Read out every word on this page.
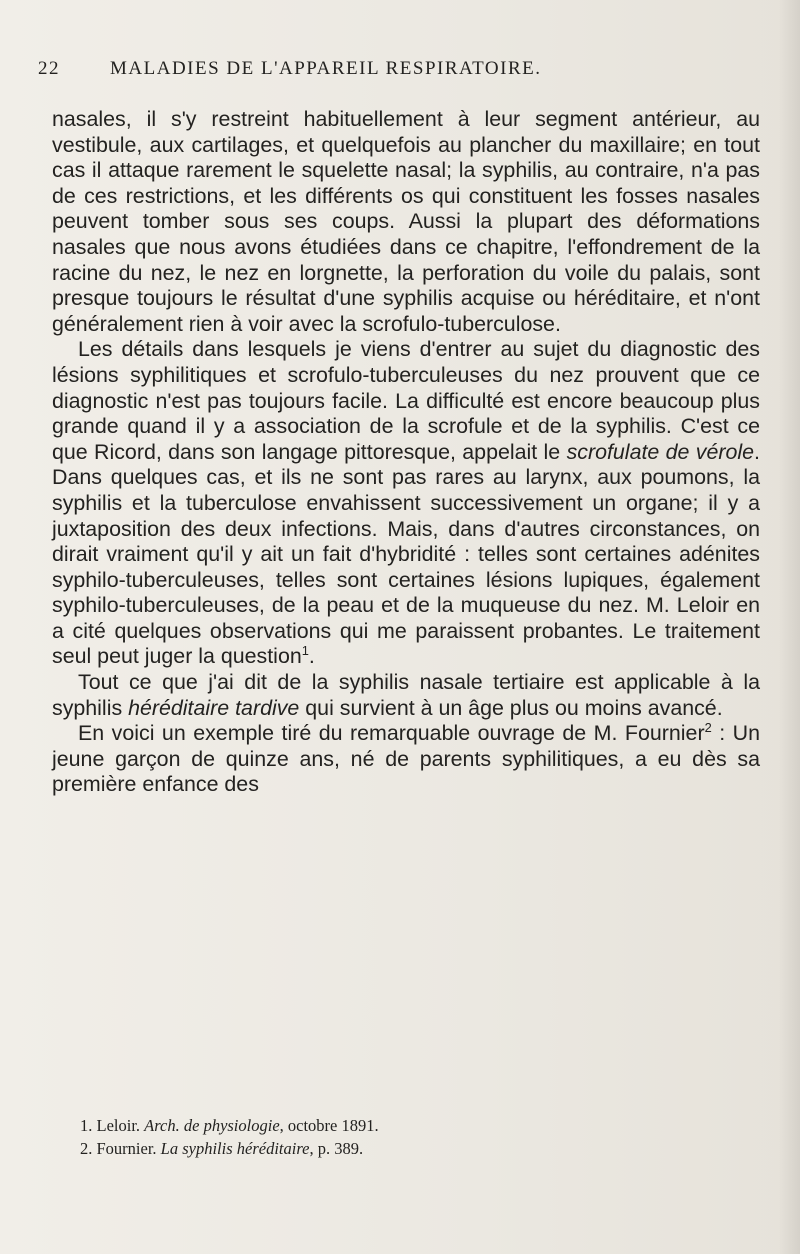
22	MALADIES DE L'APPAREIL RESPIRATOIRE.

nasales, il s'y restreint habituellement à leur segment antérieur, au vestibule, aux cartilages, et quelquefois au plancher du maxillaire; en tout cas il attaque rarement le squelette nasal; la syphilis, au contraire, n'a pas de ces restrictions, et les différents os qui constituent les fosses nasales peuvent tomber sous ses coups. Aussi la plupart des déformations nasales que nous avons étudiées dans ce chapitre, l'effondrement de la racine du nez, le nez en lorgnette, la perforation du voile du palais, sont presque toujours le résultat d'une syphilis acquise ou héréditaire, et n'ont généralement rien à voir avec la scrofulo-tuberculose.

Les détails dans lesquels je viens d'entrer au sujet du diagnostic des lésions syphilitiques et scrofulo-tuberculeuses du nez prouvent que ce diagnostic n'est pas toujours facile. La difficulté est encore beaucoup plus grande quand il y a association de la scrofule et de la syphilis. C'est ce que Ricord, dans son langage pittoresque, appelait le scrofulate de vérole. Dans quelques cas, et ils ne sont pas rares au larynx, aux poumons, la syphilis et la tuberculose envahissent successivement un organe; il y a juxtaposition des deux infections. Mais, dans d'autres circonstances, on dirait vraiment qu'il y ait un fait d'hybridité : telles sont certaines adénites syphilo-tuberculeuses, telles sont certaines lésions lupiques, également syphilo-tuberculeuses, de la peau et de la muqueuse du nez. M. Leloir en a cité quelques observations qui me paraissent probantes. Le traitement seul peut juger la question$^1$.

Tout ce que j'ai dit de la syphilis nasale tertiaire est applicable à la syphilis héréditaire tardive qui survient à un âge plus ou moins avancé.

En voici un exemple tiré du remarquable ouvrage de M. Fournier$^2$ : Un jeune garçon de quinze ans, né de parents syphilitiques, a eu dès sa première enfance des

1. Leloir. Arch. de physiologie, octobre 1891.
2. Fournier. La syphilis héréditaire, p. 389.
